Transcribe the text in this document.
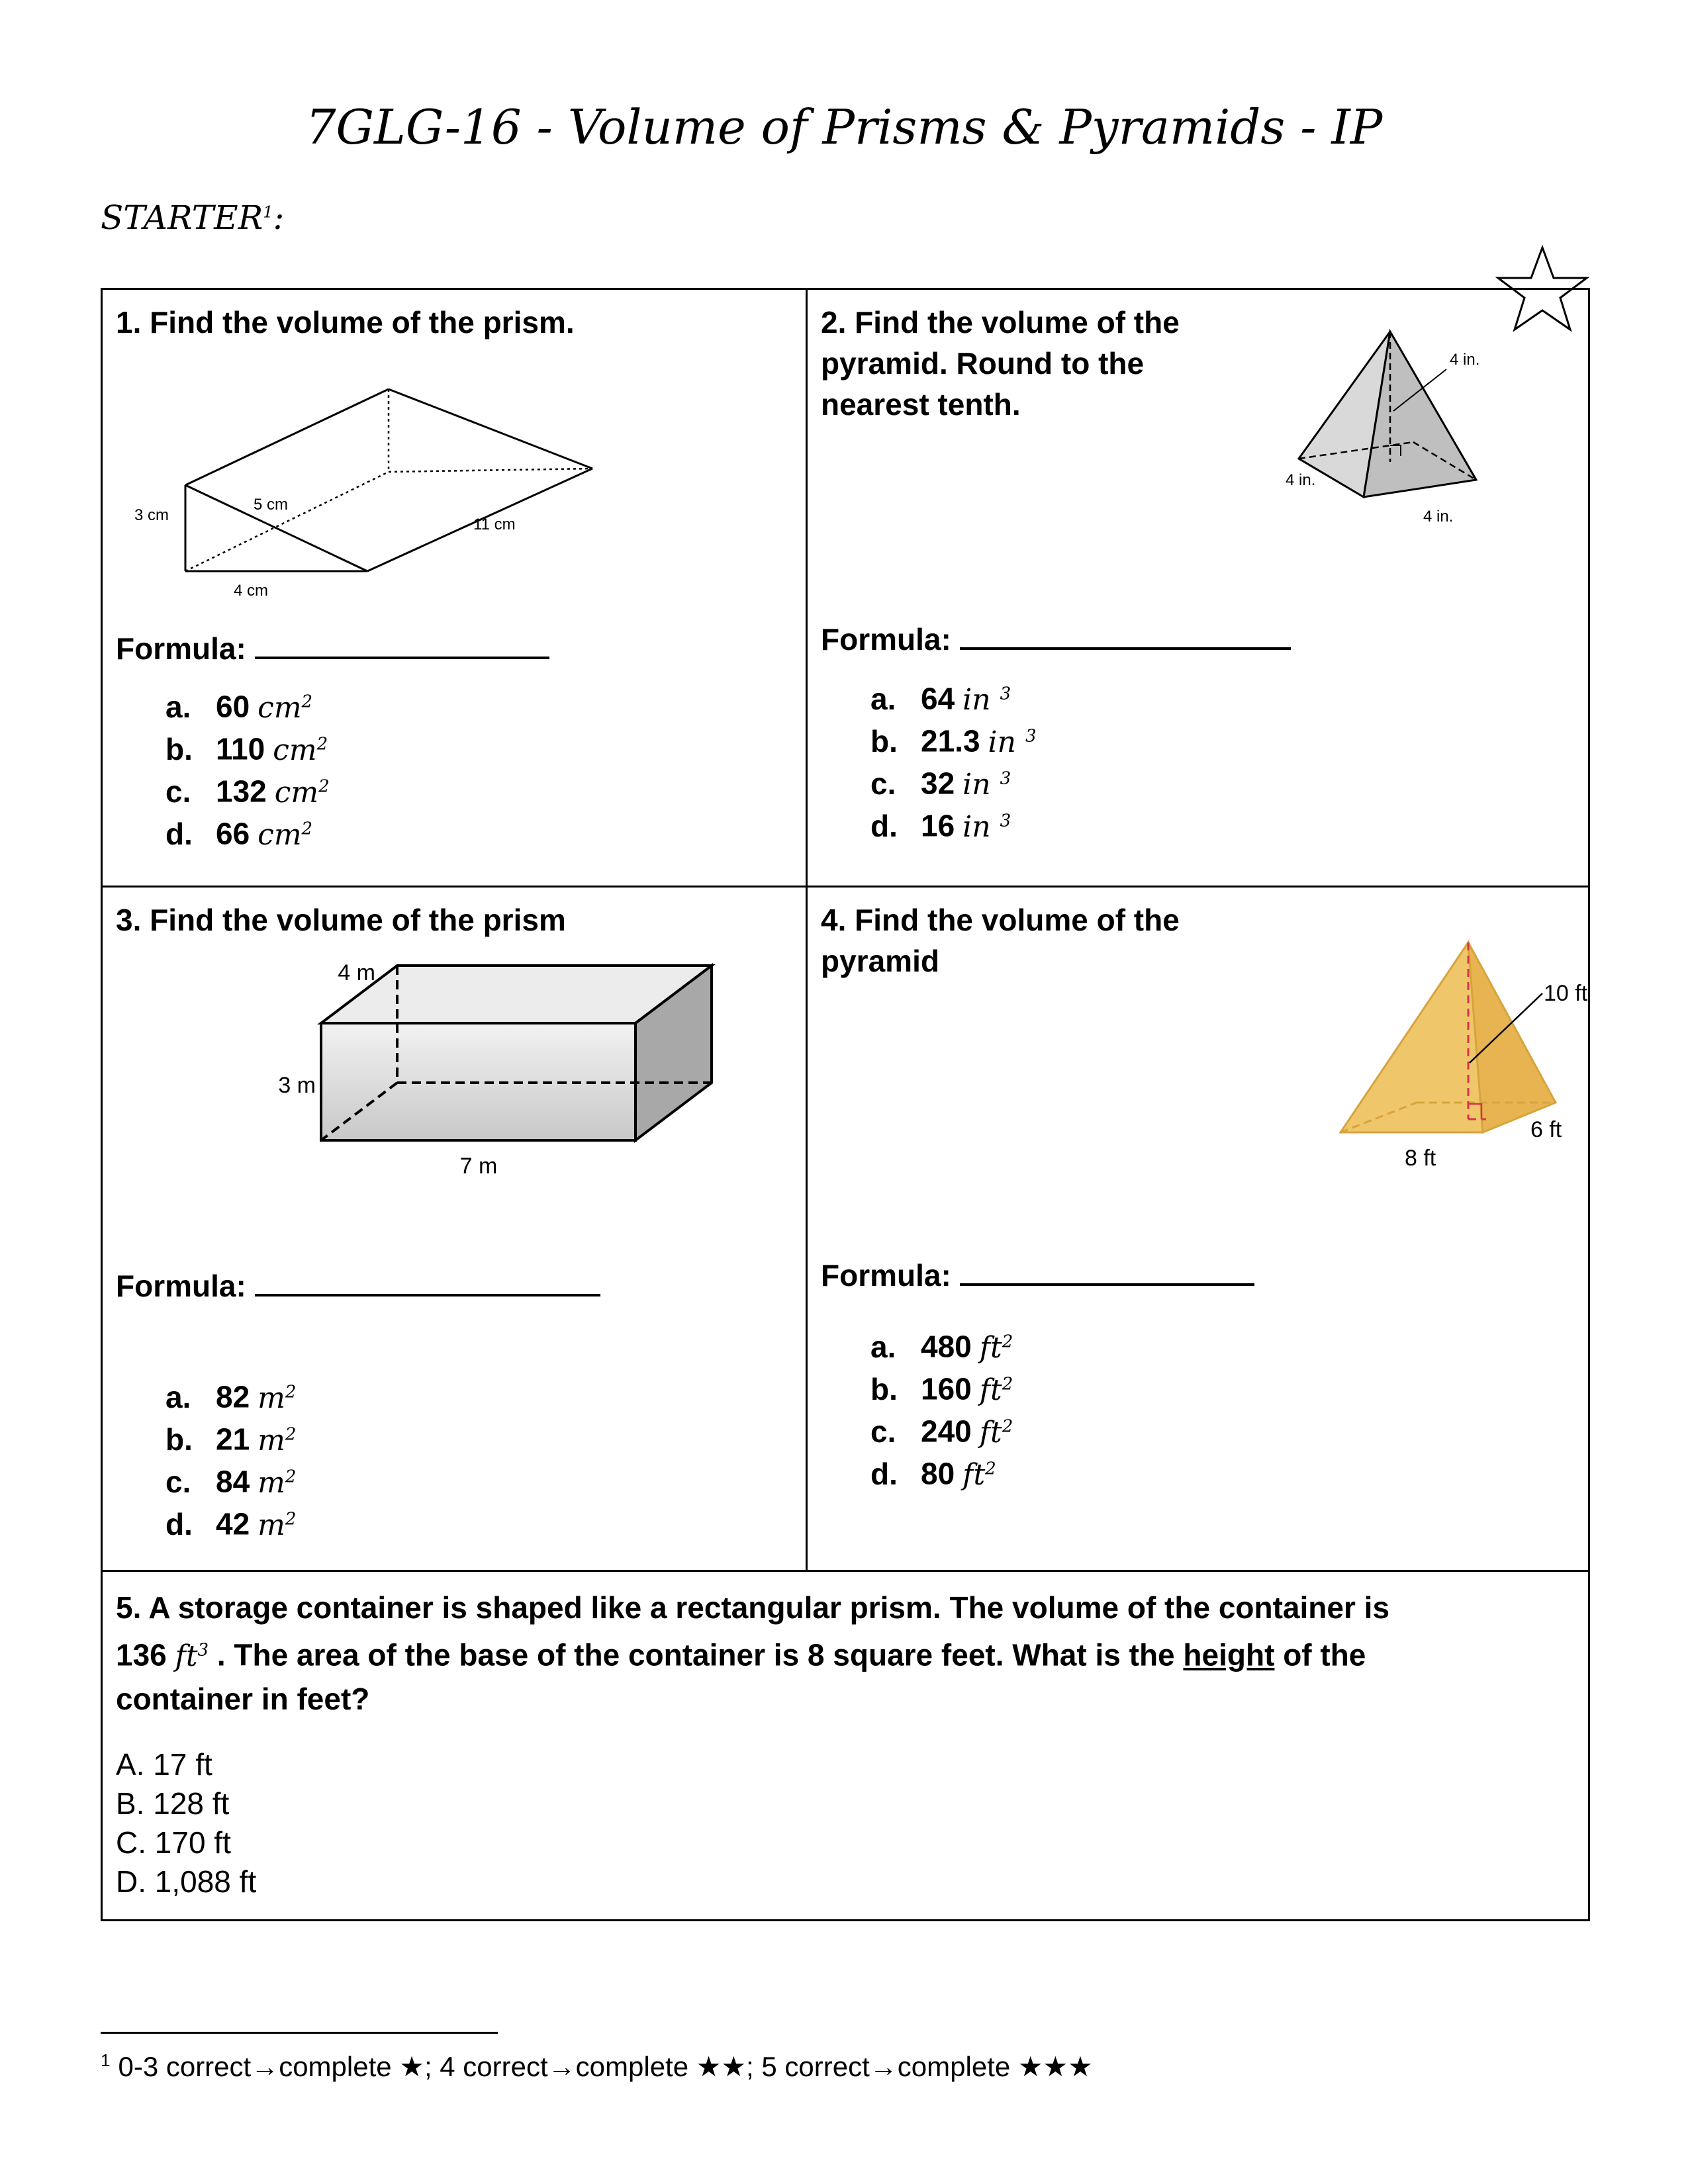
7GLG-16 - Volume of Prisms & Pyramids - IP
STARTER$^1$:
1. Find the volume of the prism.
3 cm
5 cm
4 cm
11 cm
Formula:
a. 60 $cm^2$
b. 110 $cm^2$
c. 132 $cm^2$
d. 66 $cm^2$
2. Find the volume of the
pyramid. Round to the
nearest tenth.
4 in.
4 in.
4 in.
Formula:
a. 64 in $^3$
b. 21.3 in $^3$
c. 32 in $^3$
d. 16 in $^3$
3. Find the volume of the prism
4 m
3 m
7 m
Formula:
a. 82 $m^2$
b. 21 $m^2$
c. 84 $m^2$
d. 42 $m^2$
4. Find the volume of the
pyramid
10 ft
6 ft
8 ft
Formula:
a. 480 $ft^2$
b. 160 $ft^2$
c. 240 $ft^2$
d. 80 $ft^2$
5. A storage container is shaped like a rectangular prism. The volume of the container is
136 $ft^3$ . The area of the base of the container is 8 square feet. What is the height of the
container in feet?
A. 17 ft
B. 128 ft
C. 170 ft
D. 1,088 ft
$^1$ 0-3 correct→complete ★; 4 correct→complete ★★; 5 correct→complete ★★★
